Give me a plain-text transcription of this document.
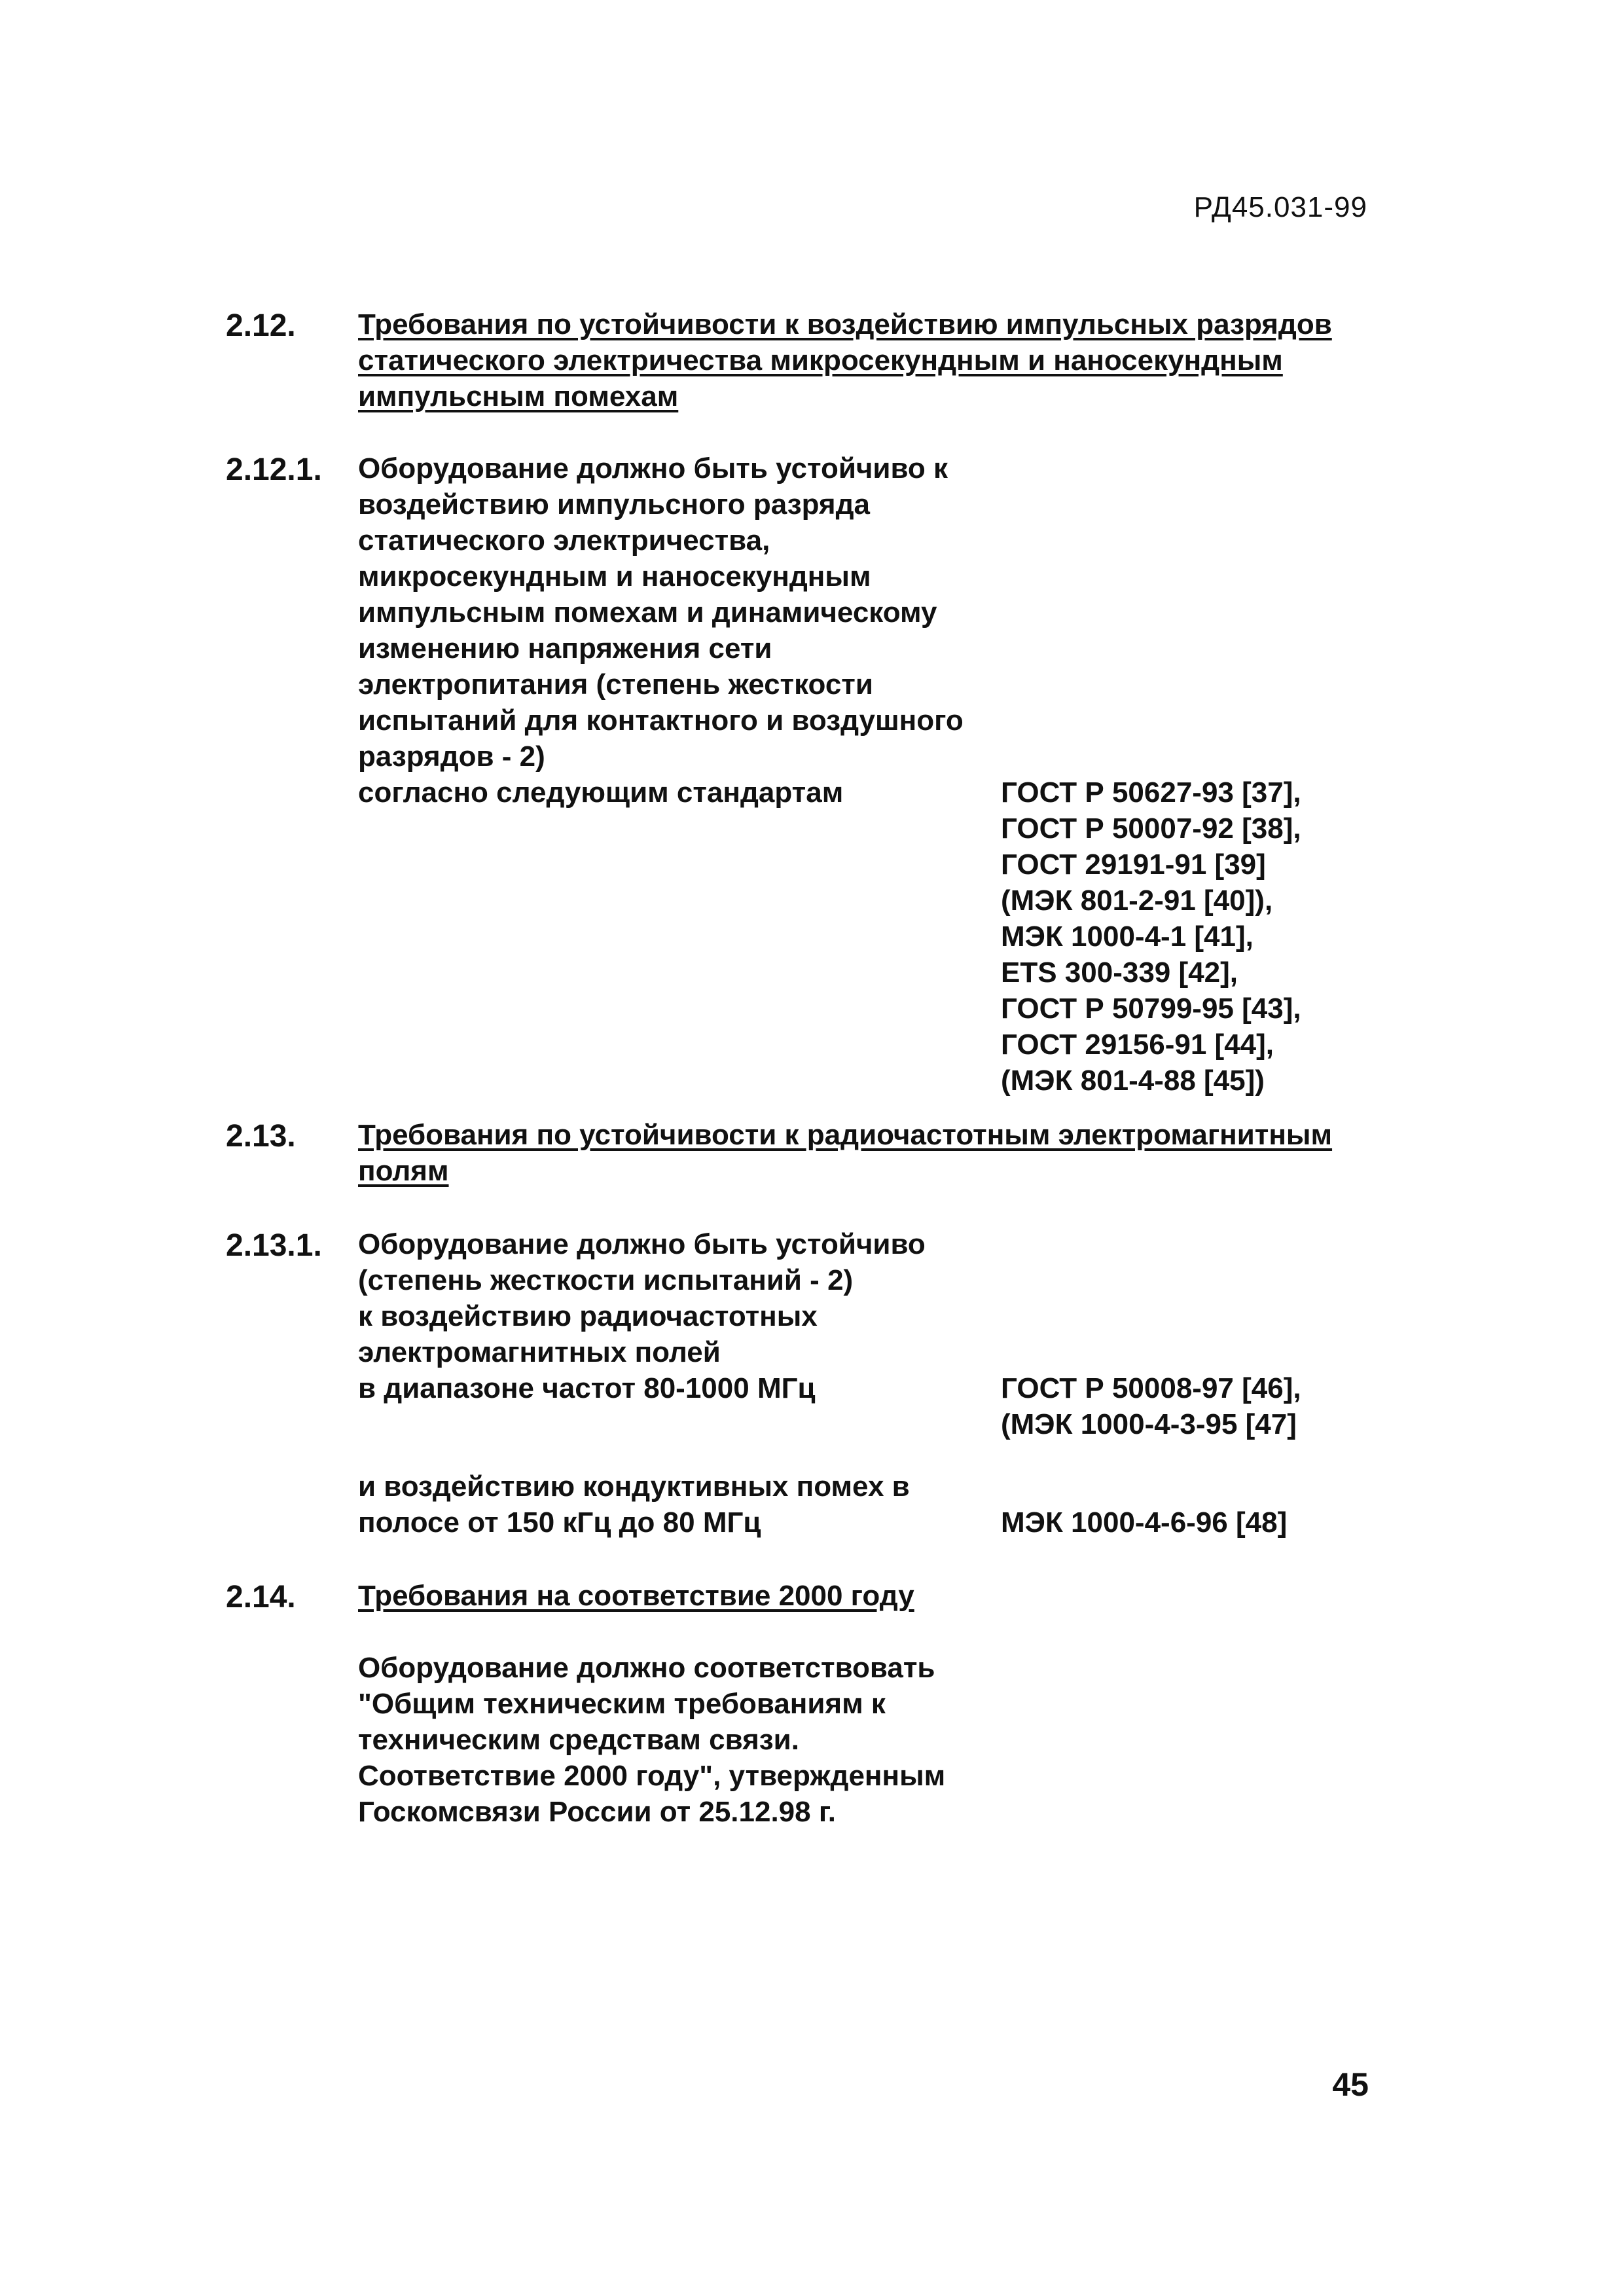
РД45.031-99
2.12. Требования по устойчивости к воздействию импульсных разрядов
статического электричества микросекундным и наносекундным
импульсным помехам
2.12.1. Оборудование должно быть устойчиво к
воздействию импульсного разряда
статического электричества,
микросекундным и наносекундным
импульсным помехам и динамическому
изменению напряжения сети
электропитания (степень жесткости
испытаний для контактного и воздушного
разрядов - 2)
согласно следующим стандартам	ГОСТ Р 50627-93 [37],
ГОСТ Р 50007-92 [38],
ГОСТ 29191-91 [39]
(МЭК 801-2-91 [40]),
МЭК 1000-4-1 [41],
ETS 300-339 [42],
ГОСТ Р 50799-95 [43],
ГОСТ 29156-91 [44],
(МЭК 801-4-88 [45])
2.13. Требования по устойчивости к радиочастотным электромагнитным
полям
2.13.1. Оборудование должно быть устойчиво
(степень жесткости испытаний - 2)
к воздействию радиочастотных
электромагнитных полей
в диапазоне частот 80-1000 МГц	ГОСТ Р 50008-97 [46],
(МЭК 1000-4-3-95 [47]
и воздействию кондуктивных помех в
полосе от 150 кГц до 80 МГц	МЭК 1000-4-6-96 [48]
2.14. Требования на соответствие 2000 году
Оборудование должно соответствовать
"Общим техническим требованиям к
техническим средствам связи.
Соответствие 2000 году", утвержденным
Госкомсвязи России от 25.12.98 г.
45
